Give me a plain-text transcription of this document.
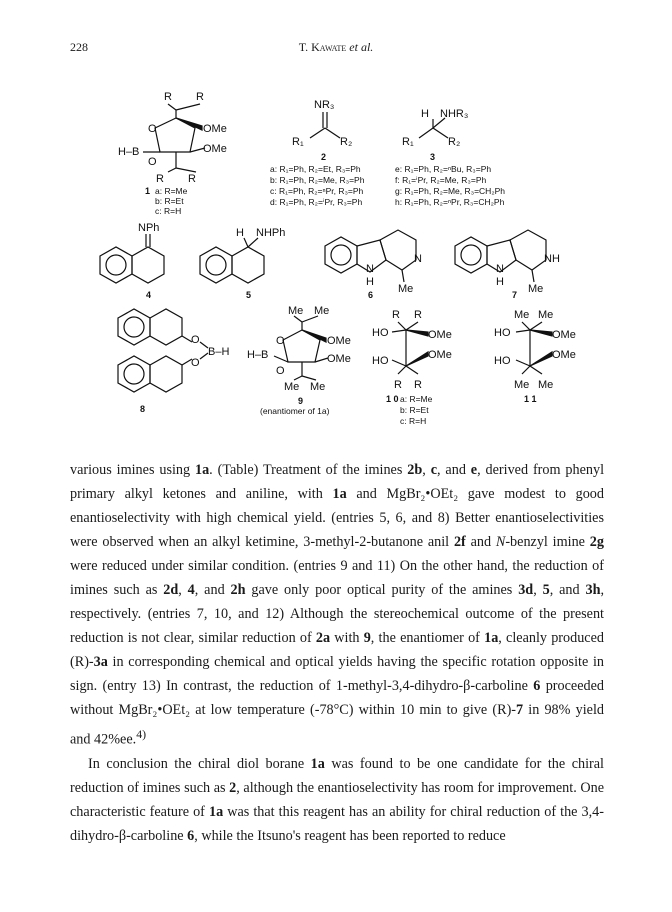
228	T. Kawate et al.
R R
O	OMe
H–B
O
OMe
R R
1 a: R=Me
b: R=Et
c: R=H
NR₃
R₁	R₂
2
a: R₁=Ph, R₂=Et, R₃=Ph
b: R₁=Ph, R₂=Me, R₃=Ph
c: R₁=Ph, R₂=ⁿPr, R₃=Ph
d: R₁=Ph, R₂=ⁱPr, R₃=Ph
H NHR₃
R₁	R₂
3
e: R₁=Ph, R₂=ⁿBu, R₃=Ph
f: R₁=ⁱPr, R₂=Me, R₃=Ph
g: R₁=Ph, R₂=Me, R₃=CH₂Ph
h: R₁=Ph, R₂=ⁿPr, R₃=CH₂Ph
NPh
4
H NHPh
5
N
N
H
Me
6
N
NH
H
Me
7
O
O
B–H
8
Me Me
O	OMe
H–B
O
OMe
Me Me
9
(enantiomer of 1a)
R R
HO	OMe
HO	OMe
R R
1 0 a: R=Me
b: R=Et
c: R=H
Me Me
HO	OMe
HO	OMe
Me Me
1 1

various imines using 1a. (Table) Treatment of the imines 2b, c, and e, derived from phenyl primary alkyl ketones and aniline, with 1a and MgBr₂•OEt₂ gave modest to good enantioselectivity with high chemical yield. (entries 5, 6, and 8) Better enantioselectivities were observed when an alkyl ketimine, 3-methyl-2-butanone anil 2f and N-benzyl imine 2g were reduced under similar condition. (entries 9 and 11) On the other hand, the reduction of imines such as 2d, 4, and 2h gave only poor optical purity of the amines 3d, 5, and 3h, respectively. (entries 7, 10, and 12) Although the stereochemical outcome of the present reduction is not clear, similar reduction of 2a with 9, the enantiomer of 1a, cleanly produced (R)-3a in corresponding chemical and optical yields having the specific rotation opposite in sign. (entry 13) In contrast, the reduction of 1-methyl-3,4-dihydro-β-carboline 6 proceeded without MgBr₂•OEt₂ at low temperature (-78°C) within 10 min to give (R)-7 in 98% yield and 42%ee.$^{4)}$

In conclusion the chiral diol borane 1a was found to be one candidate for the chiral reduction of imines such as 2, although the enantioselectivity has room for improvement. One characteristic feature of 1a was that this reagent has an ability for chiral reduction of the 3,4-dihydro-β-carboline 6, while the Itsuno's reagent has been reported to reduce
